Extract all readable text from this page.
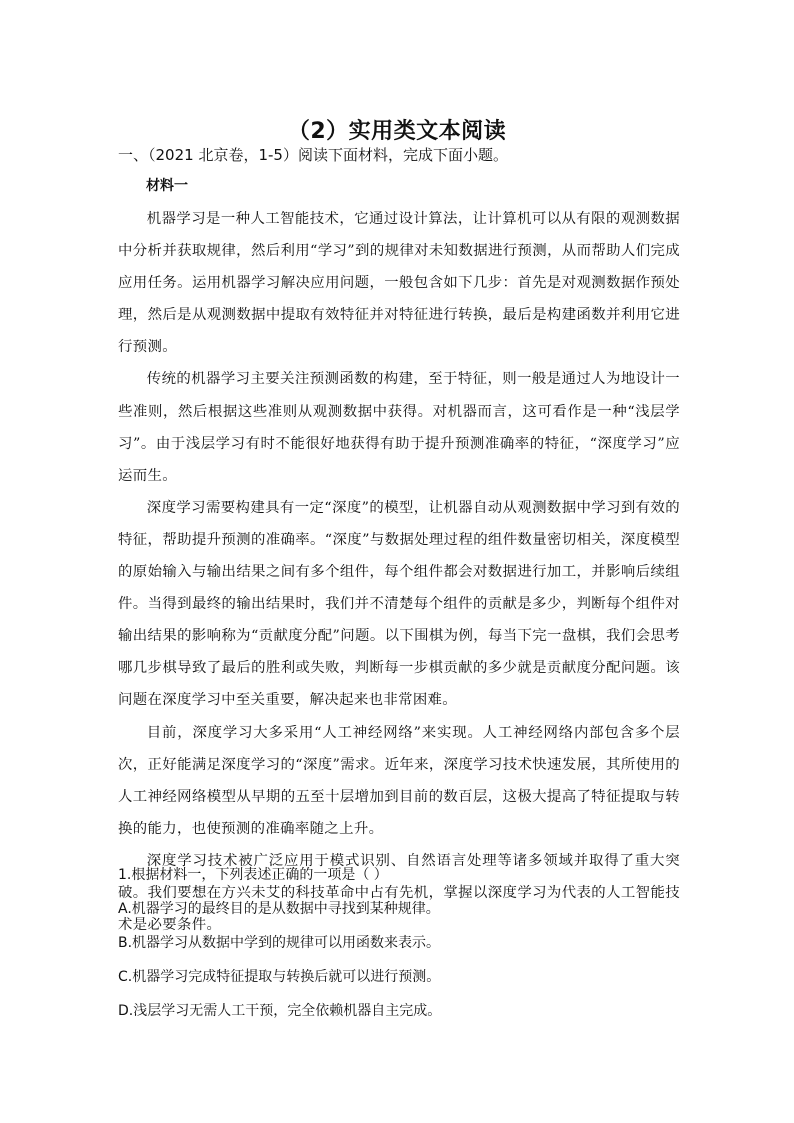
（2）实用类文本阅读
一、（2021 北京卷，1-5）阅读下面材料，完成下面小题。
材料一

机器学习是一种人工智能技术，它通过设计算法，让计算机可以从有限的观测数据中分析并获取规律，然后利用“学习”到的规律对未知数据进行预测，从而帮助人们完成应用任务。运用机器学习解决应用问题，一般包含如下几步：首先是对观测数据作预处理，然后是从观测数据中提取有效特征并对特征进行转换，最后是构建函数并利用它进行预测。

传统的机器学习主要关注预测函数的构建，至于特征，则一般是通过人为地设计一些准则，然后根据这些准则从观测数据中获得。对机器而言，这可看作是一种“浅层学习”。由于浅层学习有时不能很好地获得有助于提升预测准确率的特征，“深度学习”应运而生。

深度学习需要构建具有一定“深度”的模型，让机器自动从观测数据中学习到有效的特征，帮助提升预测的准确率。“深度”与数据处理过程的组件数量密切相关，深度模型的原始输入与输出结果之间有多个组件，每个组件都会对数据进行加工，并影响后续组件。当得到最终的输出结果时，我们并不清楚每个组件的贡献是多少，判断每个组件对输出结果的影响称为“贡献度分配”问题。以下围棋为例，每当下完一盘棋，我们会思考哪几步棋导致了最后的胜利或失败，判断每一步棋贡献的多少就是贡献度分配问题。该问题在深度学习中至关重要，解决起来也非常困难。

目前，深度学习大多采用“人工神经网络”来实现。人工神经网络内部包含多个层次，正好能满足深度学习的“深度”需求。近年来，深度学习技术快速发展，其所使用的人工神经网络模型从早期的五至十层增加到目前的数百层，这极大提高了特征提取与转换的能力，也使预测的准确率随之上升。

深度学习技术被广泛应用于模式识别、自然语言处理等诸多领域并取得了重大突破。我们要想在方兴未艾的科技革命中占有先机，掌握以深度学习为代表的人工智能技术是必要条件。

1.根据材料一，下列表述正确的一项是（ ）
A.机器学习的最终目的是从数据中寻找到某种规律。
B.机器学习从数据中学到的规律可以用函数来表示。
C.机器学习完成特征提取与转换后就可以进行预测。
D.浅层学习无需人工干预，完全依赖机器自主完成。
